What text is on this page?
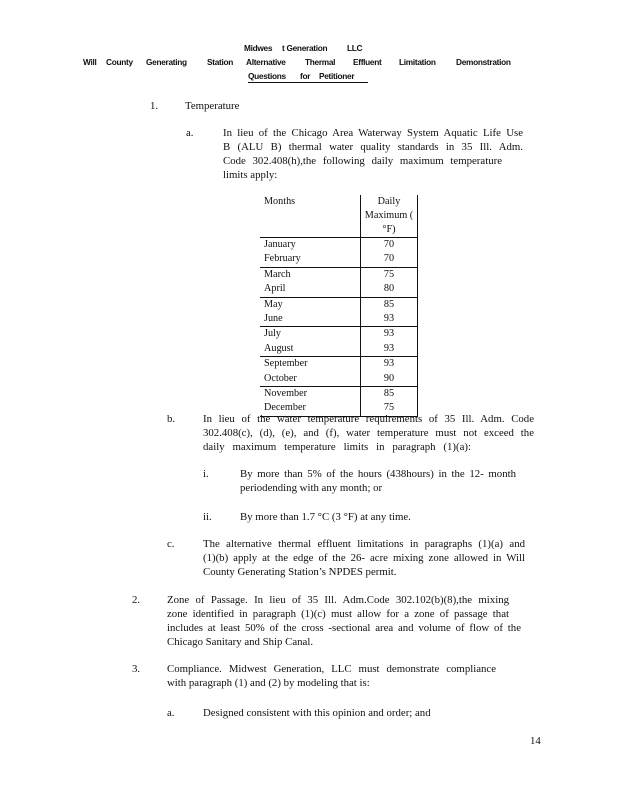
Midwes t Generation LLC
Will County Generating Station Alternative Thermal Effluent Limitation Demonstration
Questions for Petitioner
1. Temperature
a.	In lieu of the Chicago Area Waterway System Aquatic Life Use
B (ALU B) thermal water quality standards in 35 Ill. Adm.
Code 302.408(h),the following daily maximum temperature
limits apply:
Months	Daily
Maximum ( °F)

January	70
February	70
March	75
April	80
May	85
June	93
July	93
August	93
September	93
October	90
November	85
December	75
b.	In lieu of the water temperature requirements of 35 Ill. Adm. Code
302.408(c), (d), (e), and (f), water temperature must not exceed the
daily maximum temperature limits in paragraph (1)(a):
i.	By more than 5% of the hours (438hours) in the 12- month
periodending with any month; or
ii.	By more than 1.7 °C (3 °F) at any time.
c.	The alternative thermal effluent limitations in paragraphs (1)(a) and
(1)(b) apply at the edge of the 26- acre mixing zone allowed in Will
County Generating Station’s NPDES permit.
2. Zone of Passage. In lieu of 35 Ill. Adm.Code 302.102(b)(8),the mixing
zone identified in paragraph (1)(c) must allow for a zone of passage that
includes at least 50% of the cross -sectional area and volume of flow of the
Chicago Sanitary and Ship Canal.
3. Compliance. Midwest Generation, LLC must demonstrate compliance
with paragraph (1) and (2) by modeling that is:
a.	Designed consistent with this opinion and order; and
14
